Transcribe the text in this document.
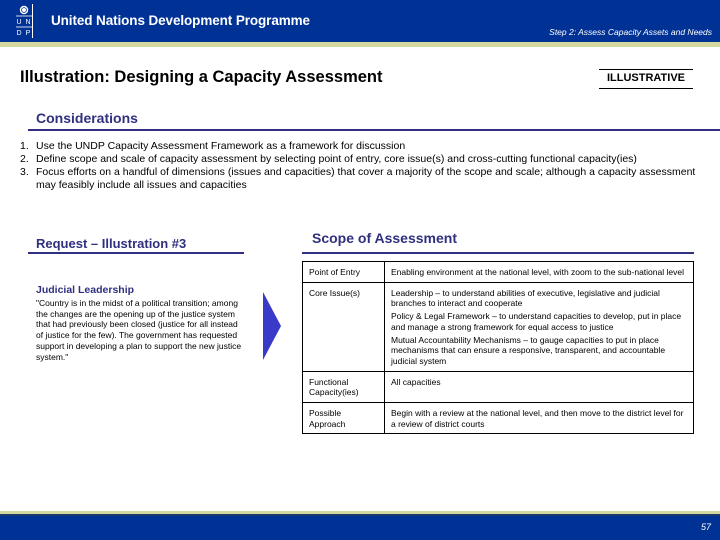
U N
D P
United Nations Development Programme
Step 2: Assess Capacity Assets and Needs
Illustration: Designing a Capacity Assessment	ILLUSTRATIVE
Considerations
1. Use the UNDP Capacity Assessment Framework as a framework for discussion
2. Define scope and scale of capacity assessment by selecting point of entry, core issue(s) and cross-cutting functional capacity(ies)
3. Focus efforts on a handful of dimensions (issues and capacities) that cover a majority of the scope and scale; although a capacity assessment may feasibly include all issues and capacities
Request – Illustration #3
Judicial Leadership
"Country is in the midst of a political transition; among the changes are the opening up of the justice system that had previously been closed (justice for all instead of justice for the few). The government has requested support in developing a plan to support the new justice system."
Scope of Assessment
Point of Entry	Enabling environment at the national level, with zoom to the sub-national level

Core Issue(s)	Leadership – to understand abilities of executive, legislative and judicial branches to interact and cooperate
Policy & Legal Framework – to understand capacities to develop, put in place and manage a strong framework for equal access to justice
Mutual Accountability Mechanisms – to gauge capacities to put in place mechanisms that can ensure a responsive, transparent, and accountable judicial system

Functional Capacity(ies)	All capacities

Possible Approach	Begin with a review at the national level, and then move to the district level for a review of district courts
57
